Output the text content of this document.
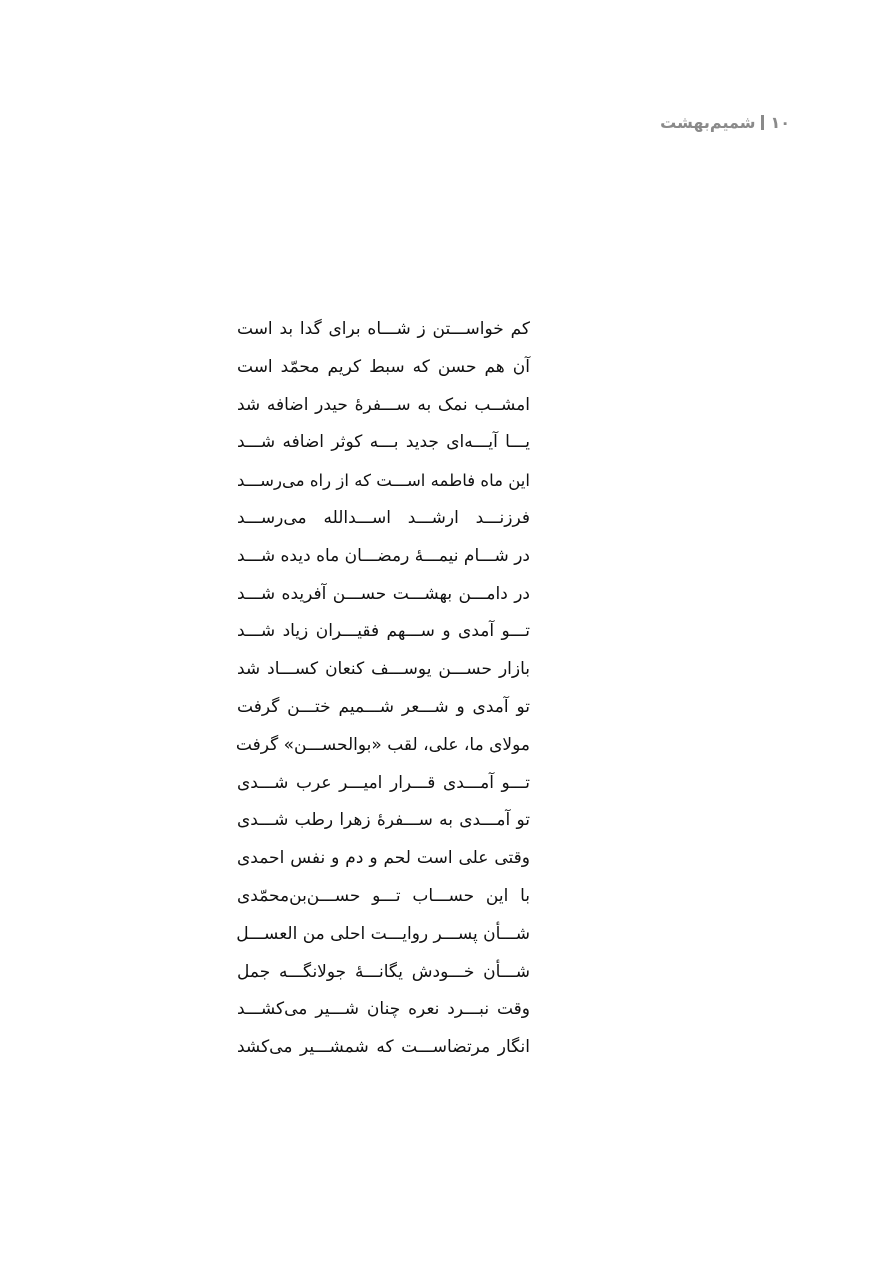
۱۰
شمیم‌بهشت
کم خواســـتن ز شـــاه برای گدا بد است
آن هم حسن که سبط کریم محمّد است
امشــب نمک به ســـفرۀ حیدر اضافه شد
یـــا آیـــه‌ای جدید بـــه کوثر اضافه شـــد
این ماه فاطمه اســـت که از راه می‌رســـد
فرزنـــد ارشـــد اســـدالله می‌رســـد
در شـــام نیمـــۀ رمضـــان ماه دیده شـــد
در دامـــن بهشـــت حســـن آفریده شـــد
تـــو آمدی و ســـهم فقیـــران زیاد شـــد
بازار حســـن یوســـف کنعان کســـاد شد
تو آمدی و شـــعر شـــمیم ختـــن گرفت
مولای ما، علی، لقب «بوالحســـن» گرفت
تـــو آمـــدی قـــرار امیـــر عرب شـــدی
تو آمـــدی به ســـفرۀ زهرا رطب شـــدی
وقتی علی است لحم و دم و نفس احمدی
با این حســـاب تـــو حســـن‌بن‌محمّدی
شـــأن پســـر روایـــت احلی من العســـل
شـــأن خـــودش یگانـــۀ جولانگـــه جمل
وقت نبـــرد نعره چنان شـــیر می‌کشـــد
انگار مرتضاســـت که شمشـــیر می‌کشد
